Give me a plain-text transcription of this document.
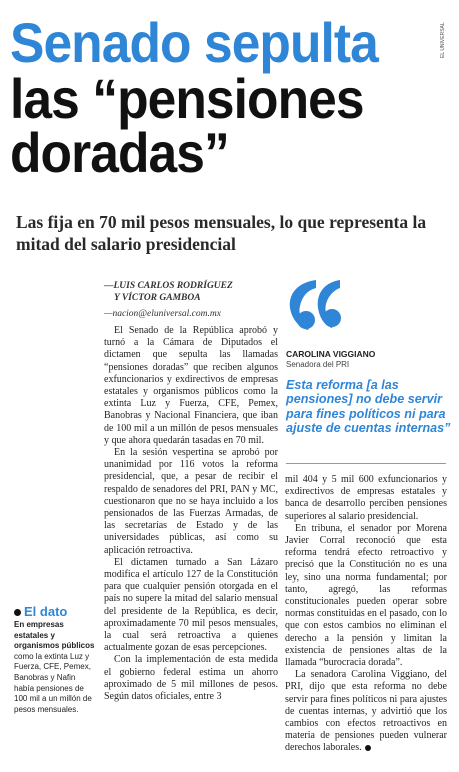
Senado sepulta
las “pensiones
doradas”
EL UNIVERSAL
Las fija en 70 mil pesos mensuales, lo que representa la mitad del salario presidencial
—LUIS CARLOS RODRÍGUEZ
Y VÍCTOR GAMBOA
—nacion@eluniversal.com.mx

El Senado de la República aprobó y turnó a la Cámara de Diputados el dictamen que sepulta las llamadas “pensiones doradas” que reciben algunos exfuncionarios y exdirectivos de empresas estatales y organismos públicos como la extinta Luz y Fuerza, CFE, Pemex, Banobras y Nacional Financiera, que iban de 100 mil a un millón de pesos mensuales y que ahora quedarán tasadas en 70 mil.

En la sesión vespertina se aprobó por unanimidad por 116 votos la reforma presidencial, que, a pesar de recibir el respaldo de senadores del PRI, PAN y MC, cuestionaron que no se haya incluido a los pensionados de las Fuerzas Armadas, de las secretarías de Estado y de las universidades públicas, así como su aplicación retroactiva.

El dictamen turnado a San Lázaro modifica el artículo 127 de la Constitución para que cualquier pensión otorgada en el país no supere la mitad del salario mensual del presidente de la República, es decir, aproximadamente 70 mil pesos mensuales, la cual será retroactiva a quienes actualmente gozan de esas percepciones.

Con la implementación de esta medida el gobierno federal estima un ahorro aproximado de 5 mil millones de pesos. Según datos oficiales, entre 3

CAROLINA VIGGIANO
Senadora del PRI
Esta reforma [a las pensiones] no debe servir para fines políticos ni para ajuste de cuentas internas”

mil 404 y 5 mil 600 exfuncionarios y exdirectivos de empresas estatales y banca de desarrollo perciben pensiones superiores al salario presidencial.

En tribuna, el senador por Morena Javier Corral reconoció que esta reforma tendrá efecto retroactivo y precisó que la Constitución no es una ley, sino una norma fundamental; por tanto, agregó, las reformas constitucionales pueden operar sobre normas constituidas en el pasado, con lo que con estos cambios no eliminan el derecho a la pensión y limitan la existencia de pensiones altas de la llamada “burocracia dorada”.

La senadora Carolina Viggiano, del PRI, dijo que esta reforma no debe servir para fines políticos ni para ajustes de cuentas internas, y advirtió que los cambios con efectos retroactivos en materia de pensiones pueden vulnerar derechos laborales.

El dato
En empresas estatales y organismos públicos como la extinta Luz y Fuerza, CFE, Pemex, Banobras y Nafin había pensiones de 100 mil a un millón de pesos mensuales.
